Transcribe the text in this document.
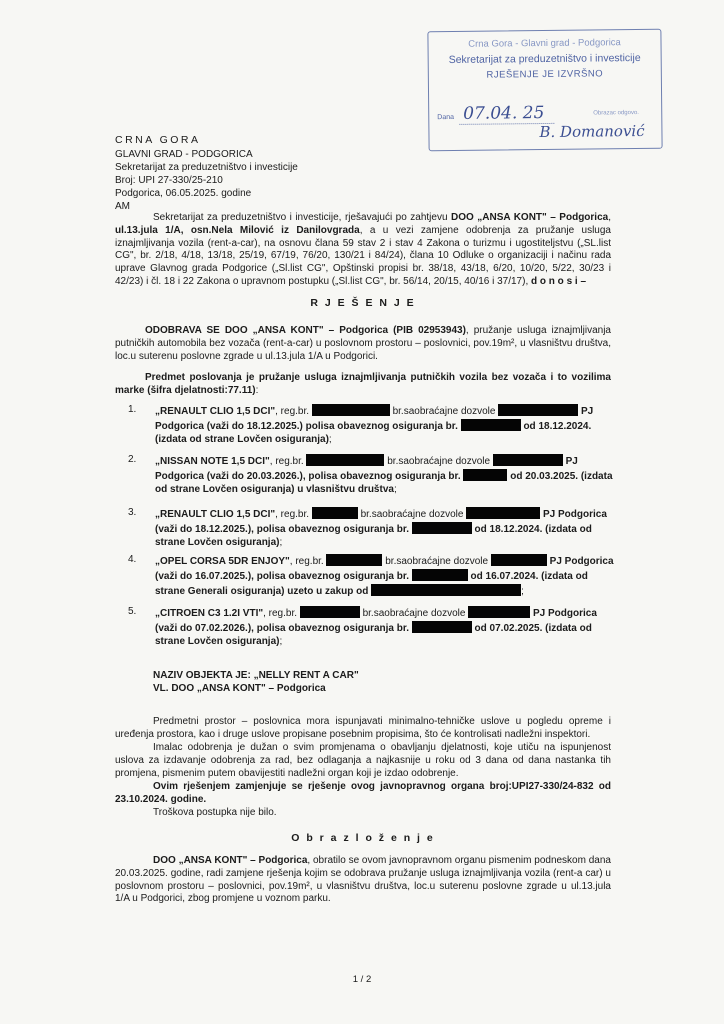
Crna Gora - Glavni grad - Podgorica
Sekretarijat za preduzetništvo i investicije
RJEŠENJE JE IZVRŠNO
Dana 07.04. 25	Obrazac odgovo.
B. Domanović
CRNA GORA
GLAVNI GRAD - PODGORICA
Sekretarijat za preduzetništvo i investicije
Broj: UPI 27-330/25-210
Podgorica, 06.05.2025. godine
AM
Sekretarijat za preduzetništvo i investicije, rješavajući po zahtjevu DOO „ANSA KONT" – Podgorica, ul.13.jula 1/A, osn.Nela Milović iz Danilovgrada, a u vezi zamjene odobrenja za pružanje usluga iznajmljivanja vozila (rent-a-car), na osnovu člana 59 stav 2 i stav 4 Zakona o turizmu i ugostiteljstvu („SL.list CG", br. 2/18, 4/18, 13/18, 25/19, 67/19, 76/20, 130/21 i 84/24), člana 10 Odluke o organizaciji i načinu rada uprave Glavnog grada Podgorice („Sl.list CG", Opštinski propisi br. 38/18, 43/18, 6/20, 10/20, 5/22, 30/23 i 42/23) i čl. 18 i 22 Zakona o upravnom postupku („Sl.list CG", br. 56/14, 20/15, 40/16 i 37/17), d o n o s i –
R J E Š E N J E
ODOBRAVA SE DOO „ANSA KONT" – Podgorica (PIB 02953943), pružanje usluga iznajmljivanja putničkih automobila bez vozača (rent-a-car) u poslovnom prostoru – poslovnici, pov.19m², u vlasništvu društva, loc.u suterenu poslovne zgrade u ul.13.jula 1/A u Podgorici.
Predmet poslovanja je pružanje usluga iznajmljivanja putničkih vozila bez vozača i to vozilima marke (šifra djelatnosti:77.11):
1. „RENAULT CLIO 1,5 DCI", reg.br.	br.saobraćajne dozvole	PJ Podgorica (važi do 18.12.2025.) polisa obaveznog osiguranja br.	od 18.12.2024. (izdata od strane Lovčen osiguranja);
2. „NISSAN NOTE 1,5 DCI", reg.br.	br.saobraćajne dozvole	PJ Podgorica (važi do 20.03.2026.), polisa obaveznog osiguranja br.	od 20.03.2025. (izdata od strane Lovčen osiguranja) u vlasništvu društva;
3. „RENAULT CLIO 1,5 DCI", reg.br.	br.saobraćajne dozvole	PJ Podgorica (važi do 18.12.2025.), polisa obaveznog osiguranja br.	od 18.12.2024. (izdata od strane Lovčen osiguranja);
4. „OPEL CORSA 5DR ENJOY", reg.br.	br.saobraćajne dozvole	PJ Podgorica (važi do 16.07.2025.), polisa obaveznog osiguranja br.	od 16.07.2024. (izdata od strane Generali osiguranja) uzeto u zakup od	;
5. „CITROEN C3 1.2I VTI", reg.br.	br.saobraćajne dozvole	PJ Podgorica (važi do 07.02.2026.), polisa obaveznog osiguranja br.	od 07.02.2025. (izdata od strane Lovčen osiguranja);
NAZIV OBJEKTA JE: „NELLY RENT A CAR"
VL. DOO „ANSA KONT" – Podgorica
Predmetni prostor – poslovnica mora ispunjavati minimalno-tehničke uslove u pogledu opreme i uređenja prostora, kao i druge uslove propisane posebnim propisima, što će kontrolisati nadležni inspektori.
Imalac odobrenja je dužan o svim promjenama o obavljanju djelatnosti, koje utiču na ispunjenost uslova za izdavanje odobrenja za rad, bez odlaganja a najkasnije u roku od 3 dana od dana nastanka tih promjena, pismenim putem obavijestiti nadležni organ koji je izdao odobrenje.
Ovim rješenjem zamjenjuje se rješenje ovog javnopravnog organa broj:UPI27-330/24-832 od 23.10.2024. godine.
Troškova postupka nije bilo.
O b r a z l o ž e n j e
DOO „ANSA KONT" – Podgorica, obratilo se ovom javnopravnom organu pismenim podneskom dana 20.03.2025. godine, radi zamjene rješenja kojim se odobrava pružanje usluga iznajmljivanja vozila (rent-a car) u poslovnom prostoru – poslovnici, pov.19m², u vlasništvu društva, loc.u suterenu poslovne zgrade u ul.13.jula 1/A u Podgorici, zbog promjene u voznom parku.
1 / 2
